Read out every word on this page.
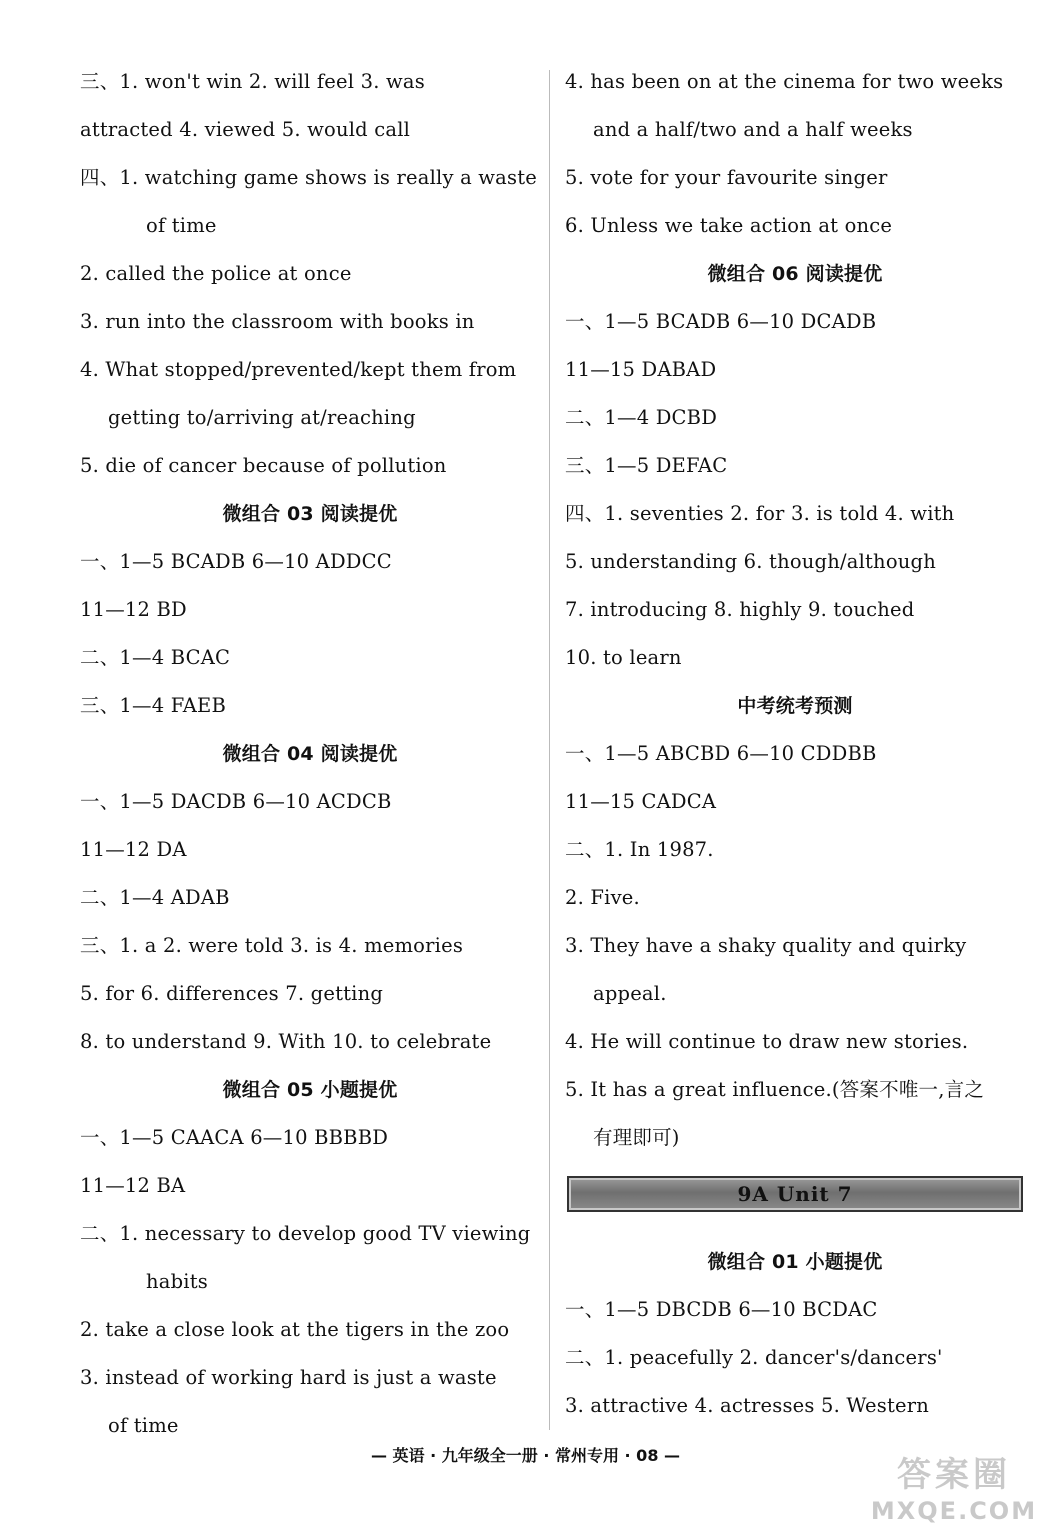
三、1. won't win 2. will feel 3. was
attracted 4. viewed 5. would call
四、1. watching game shows is really a waste
of time
2. called the police at once
3. run into the classroom with books in
4. What stopped/prevented/kept them from
getting to/arriving at/reaching
5. die of cancer because of pollution
微组合 03 阅读提优
一、1—5 BCADB 6—10 ADDCC
11—12 BD
二、1—4 BCAC
三、1—4 FAEB
微组合 04 阅读提优
一、1—5 DACDB 6—10 ACDCB
11—12 DA
二、1—4 ADAB
三、1. a 2. were told 3. is 4. memories
5. for 6. differences 7. getting
8. to understand 9. With 10. to celebrate
微组合 05 小题提优
一、1—5 CAACA 6—10 BBBBD
11—12 BA
二、1. necessary to develop good TV viewing
habits
2. take a close look at the tigers in the zoo
3. instead of working hard is just a waste
of time
4. has been on at the cinema for two weeks
and a half/two and a half weeks
5. vote for your favourite singer
6. Unless we take action at once
微组合 06 阅读提优
一、1—5 BCADB 6—10 DCADB
11—15 DABAD
二、1—4 DCBD
三、1—5 DEFAC
四、1. seventies 2. for 3. is told 4. with
5. understanding 6. though/although
7. introducing 8. highly 9. touched
10. to learn
中考统考预测
一、1—5 ABCBD 6—10 CDDBB
11—15 CADCA
二、1. In 1987.
2. Five.
3. They have a shaky quality and quirky
appeal.
4. He will continue to draw new stories.
5. It has a great influence.(答案不唯一,言之
有理即可)
9A Unit 7
微组合 01 小题提优
一、1—5 DBCDB 6—10 BCDAC
二、1. peacefully 2. dancer's/dancers'
3. attractive 4. actresses 5. Western
— 英语 · 九年级全一册 · 常州专用 · 08 —	答案圈
MXQE.COM
